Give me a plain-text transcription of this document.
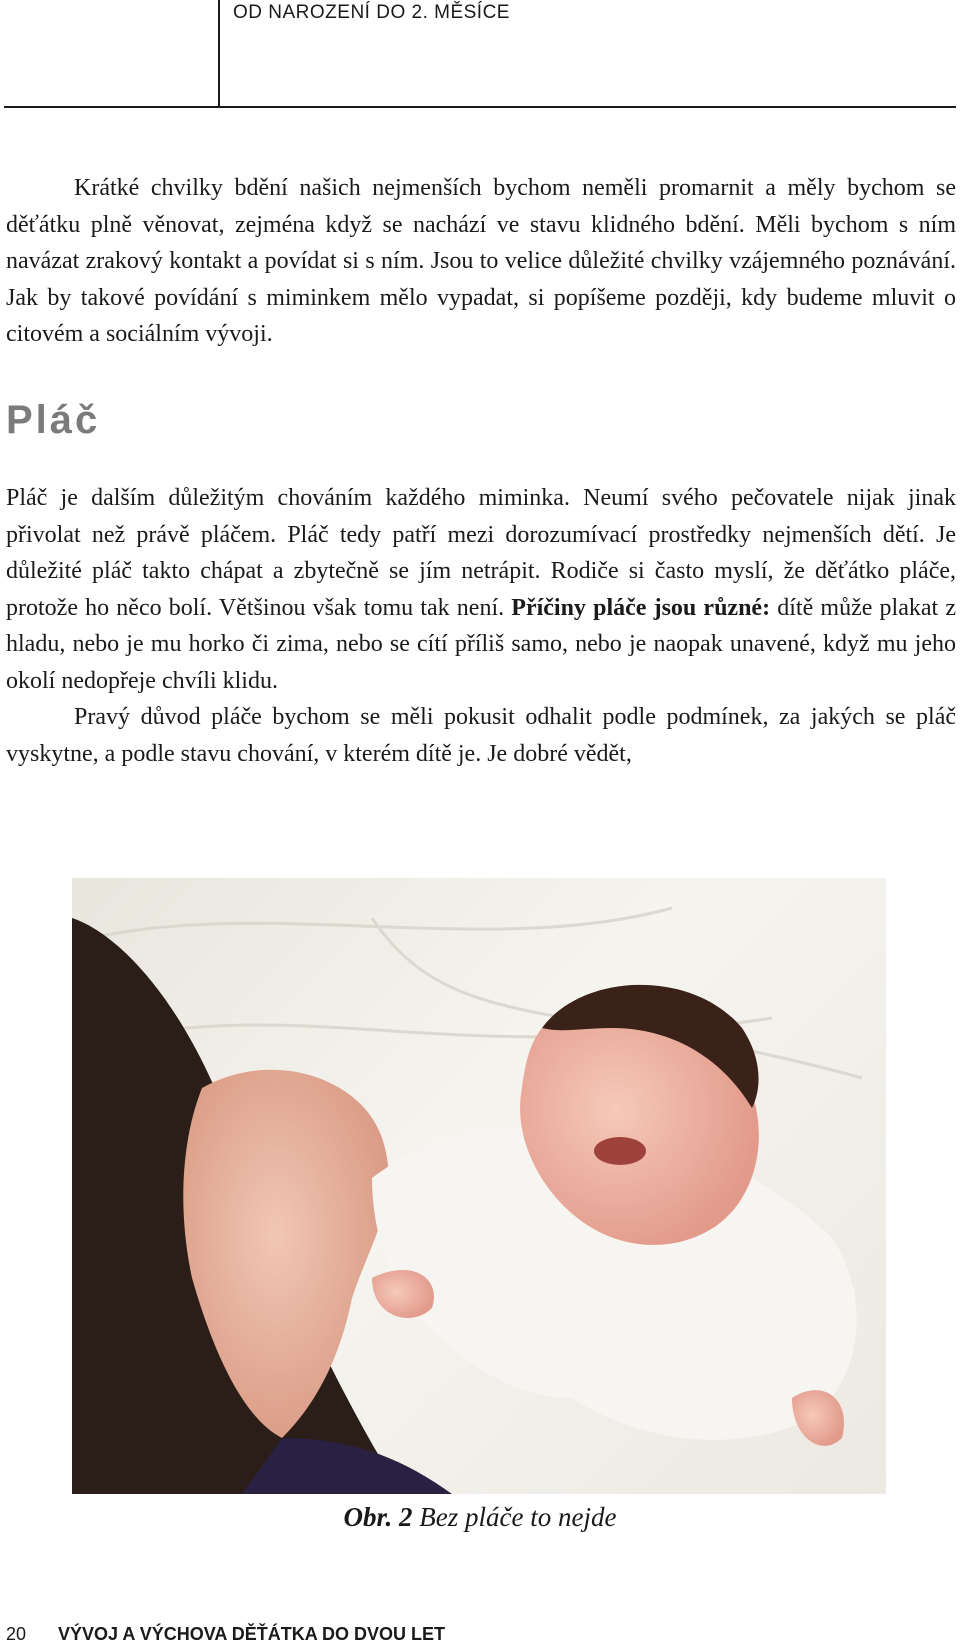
OD NAROZENÍ DO 2. MĚSÍCE

Krátké chvilky bdění našich nejmenších bychom neměli promarnit a měly bychom se děťátku plně věnovat, zejména když se nachází ve stavu klidného bdění. Měli bychom s ním navázat zrakový kontakt a povídat si s ním. Jsou to velice důležité chvilky vzájemného poznávání. Jak by takové povídání s miminkem mělo vypadat, si popíšeme později, kdy budeme mluvit o citovém a sociálním vývoji.

Pláč

Pláč je dalším důležitým chováním každého miminka. Neumí svého pečovatele nijak jinak přivolat než právě pláčem. Pláč tedy patří mezi dorozumívací prostředky nejmenších dětí. Je důležité pláč takto chápat a zbytečně se jím netrápit. Rodiče si často myslí, že děťátko pláče, protože ho něco bolí. Většinou však tomu tak není. Příčiny pláče jsou různé: dítě může plakat z hladu, nebo je mu horko či zima, nebo se cítí příliš samo, nebo je naopak unavené, když mu jeho okolí nedopřeje chvíli klidu.

Pravý důvod pláče bychom se měli pokusit odhalit podle podmínek, za jakých se pláč vyskytne, a podle stavu chování, v kterém dítě je. Je dobré vědět,

Obr. 2 Bez pláče to nejde
20 VÝVOJ A VÝCHOVA DĚŤÁTKA DO DVOU LET
